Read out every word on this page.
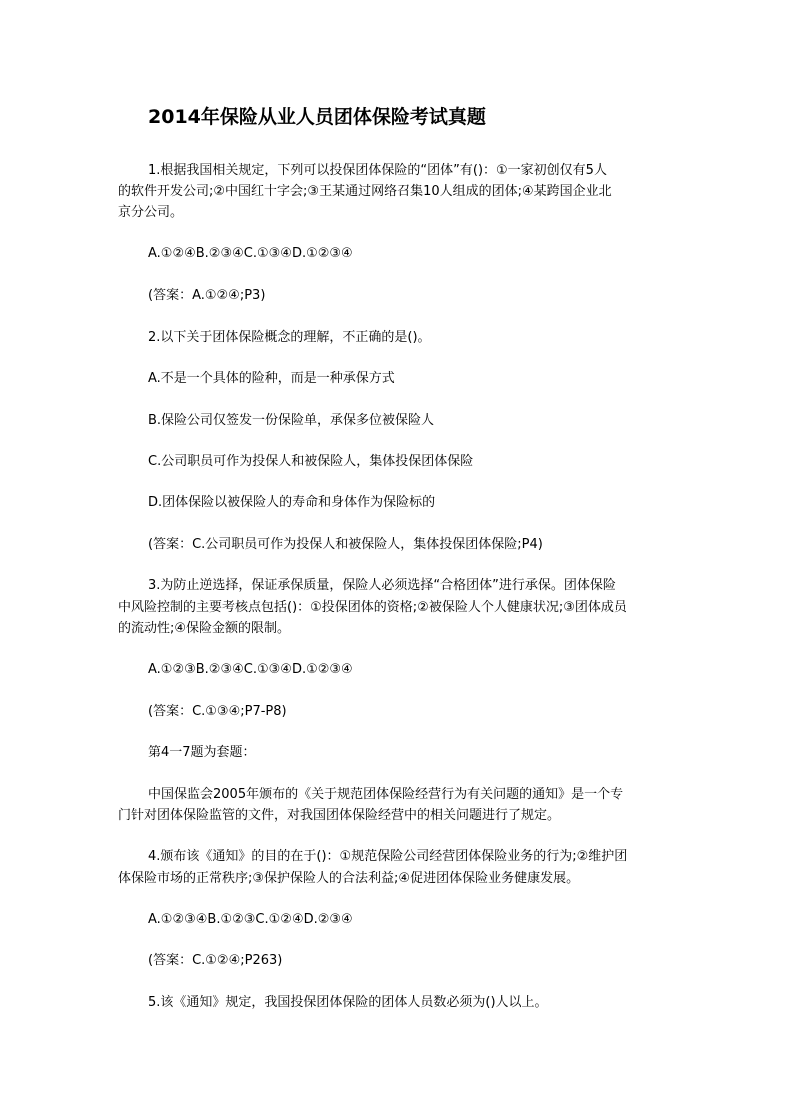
2014年保险从业人员团体保险考试真题
1.根据我国相关规定，下列可以投保团体保险的“团体”有()：①一家初创仅有5人
的软件开发公司;②中国红十字会;③王某通过网络召集10人组成的团体;④某跨国企业北
京分公司。
A.①②④B.②③④C.①③④D.①②③④
(答案：A.①②④;P3)
2.以下关于团体保险概念的理解，不正确的是()。
A.不是一个具体的险种，而是一种承保方式
B.保险公司仅签发一份保险单，承保多位被保险人
C.公司职员可作为投保人和被保险人，集体投保团体保险
D.团体保险以被保险人的寿命和身体作为保险标的
(答案：C.公司职员可作为投保人和被保险人，集体投保团体保险;P4)
3.为防止逆选择，保证承保质量，保险人必须选择“合格团体”进行承保。团体保险
中风险控制的主要考核点包括()：①投保团体的资格;②被保险人个人健康状况;③团体成员
的流动性;④保险金额的限制。
A.①②③B.②③④C.①③④D.①②③④
(答案：C.①③④;P7-P8)
第4一7题为套题：
中国保监会2005年颁布的《关于规范团体保险经营行为有关问题的通知》是一个专
门针对团体保险监管的文件，对我国团体保险经营中的相关问题进行了规定。
4.颁布该《通知》的目的在于()：①规范保险公司经营团体保险业务的行为;②维护团
体保险市场的正常秩序;③保护保险人的合法利益;④促进团体保险业务健康发展。
A.①②③④B.①②③C.①②④D.②③④
(答案：C.①②④;P263)
5.该《通知》规定，我国投保团体保险的团体人员数必须为()人以上。
